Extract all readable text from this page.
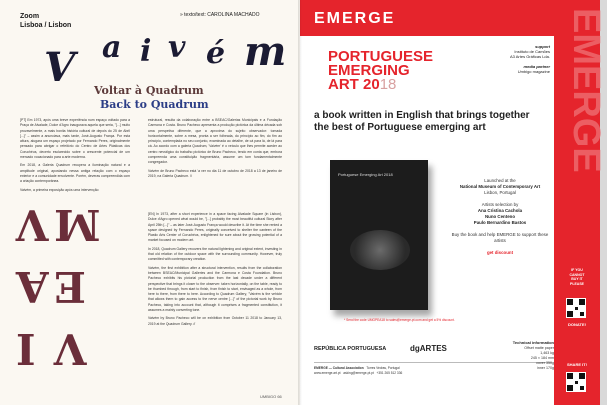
Zoom
Lisboa / Lisbon
» texto/text: CAROLINA MACHADO
V a i v é m
Voltar à Quadrum
Back to Quadrum

[PT] Em 1973, após uma breve experiência num espaço voltado para a Praça de Alvalade, Dulce d'Agro inaugurava aquela que seria, "[...] muito provavelmente, a mais bonita história cultural de depois do 25 de Abril [...]" – assim a anunciava, mais tarde, José-Augusto França. Por esta altura, alugara um espaço projetado por Fernando Peres, originalmente pensado para abrigar o refeitório do Centro de Artes Plásticas dos Coruchéus, decerto esclarecido sobre o crescente potencial de um mercado vocacionado para a arte moderna.

Em 2018, a Galeria Quadrum recupera a iluminação natural e a amplitude original, apostando nessa antiga relação com o espaço exterior e a comunidade envolvente. Porém, deveras compreendida com a criação contemporânea.

Vaivém, a primeira exposição após uma intervenção

estrutural, resulta da colaboração entre a BSEAC/Galerias Municipais e a Fundação Carmona e Costa. Bruno Pacheco apresenta a produção pictórica da última década sob uma perspetiva diferente, que a aproxima do sujeito observador: tomada horizontalmente, sobre a mesa, pronta a ser folheada, do princípio ao fim, do fim ao princípio, contemplada no seu conjunto, examinada ao detalhe, de cá para lá, de lá para cá. Ao acordo com a galeria Quadrum, 'Vaivém' é o veículo que lhes permite aceder ao centro nevrálgico do trabalho pictórico de Bruno Pacheco, tendo em conta que, embora compreenda uma constituição fragmentária, assume um tom fundamentalmente congregador.

Vaivém de Bruno Pacheco está 'a ver no dia 11 de outubro de 2018 a 13 de janeiro de 2019, na Galeria Quadrum. //

[EN] In 1973, after a short experience in a space facing Alvalade Square (in Lisbon), Dulce d'Agro opened what would be, "[...] probably the most beautiful cultural Story after April 25th [...]" – as later José-Augusto França would describe it. At the time she rented a space designed by Fernando Peres, originally conceived to shelter the canteen of the Plastic Arts Center of Coruchéus, enlightened for sure about the growing potential of a market focused on modern art.

In 2018, Quadrum Gallery recovers the natural lightening and original extent, investing in that old relation of the outdoor space with the surrounding community. However, truly committed with contemporary creation.

Vaivém, the first exhibition after a structural intervention, results from the collaboration between BSEAC/Municipal Galleries and the Carmona e Costa Foundation. Bruno Pacheco exhibits his pictorial production from the last decade under a different perspective that brings it closer to the observer: taken horizontally, on the table, ready to be thumbed through, from start to finish, from finish to start, envisaged as a whole, from here to there, from there to here. According to Quadrum Gallery, "Vaivém is the vehicle that allows them to gain access to the nerve centre [...]" of the pictorial work by Bruno Pacheco, taking into account that, although it comprises a fragmented constitution, it assumes a mainly converting tone.

Vaivém by Bruno Pacheco will be on exhibition from October 11 2018 to January 13, 2019 at the Quadrum Gallery. //

V M
A E
I V
UMBIGO 66
EMERGE	EMERGE
PORTUGUESE
EMERGING
ART 2018
support
Instituto de Camões
A3 Artes Gráficas Lda.
media partner
Umbigo magazine
a book written in English that brings together the best of Portuguese emerging art
Portuguese Emerging Art 2018

Launched at the
National Museum of Contemporary Art
Lisbon, Portugal

Artists selection by
Ana Cristina Cachola
Nuno Centeno
Paulo Bernardino Bastos

Buy the book and help EMERGE to support these artists

get discount

* Send the code UMGPEA18 to sales@emerge-pt.com and get a 5% discount.
REPÚBLICA PORTUGUESA	dgARTES
EMERGE — Cultural Association Torres Vedras, Portugal
www.emerge.art.pt asking@emerge-pt.pt +351 265 512 336
Technical information
Offset matte paper
1,463 kg
245 × 184 mm
cover 350g
inner 170g
IF YOU
CANNOT
BUY IT
PLEASE
DONATE!
SHARE IT!
